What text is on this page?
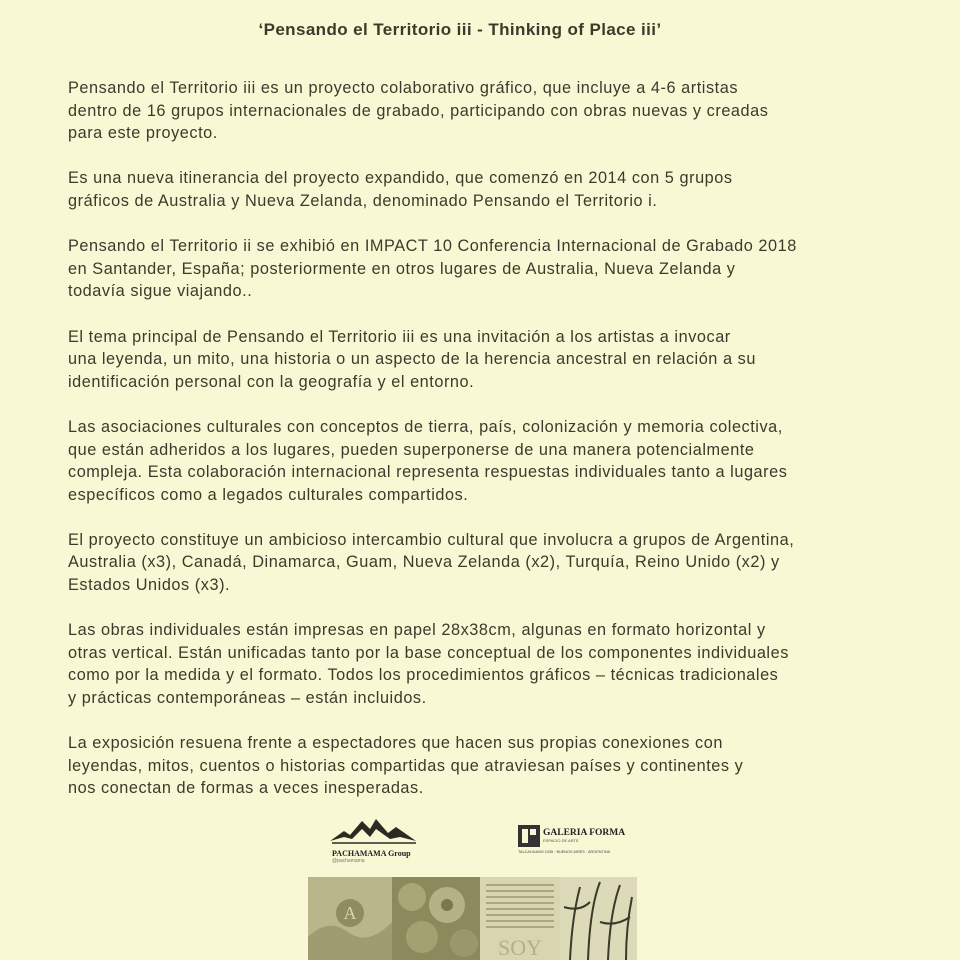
‘Pensando el Territorio iii - Thinking of Place iii’

Pensando el Territorio iii es un proyecto colaborativo gráfico, que incluye a 4-6 artistas
dentro de 16 grupos internacionales de grabado, participando con obras nuevas y creadas
para este proyecto.

Es una nueva itinerancia del proyecto expandido, que comenzó en 2014 con 5 grupos
gráficos de Australia y Nueva Zelanda, denominado Pensando el Territorio i.

Pensando el Territorio ii se exhibió en IMPACT 10 Conferencia Internacional de Grabado 2018
en Santander, España; posteriormente en otros lugares de Australia, Nueva Zelanda y
todavía sigue viajando..

El tema principal de Pensando el Territorio iii es una invitación a los artistas a invocar
una leyenda, un mito, una historia o un aspecto de la herencia ancestral en relación a su
identificación personal con la geografía y el entorno.

Las asociaciones culturales con conceptos de tierra, país, colonización y memoria colectiva,
que están adheridos a los lugares, pueden superponerse de una manera potencialmente
compleja. Esta colaboración internacional representa respuestas individuales tanto a lugares
específicos como a legados culturales compartidos.

El proyecto constituye un ambicioso intercambio cultural que involucra a grupos de Argentina,
Australia (x3), Canadá, Dinamarca, Guam, Nueva Zelanda (x2), Turquía, Reino Unido (x2) y
Estados Unidos (x3).

Las obras individuales están impresas en papel 28x38cm, algunas en formato horizontal y
otras vertical. Están unificadas tanto por la base conceptual de los componentes individuales
como por la medida y el formato. Todos los procedimientos gráficos – técnicas tradicionales
y prácticas contemporáneas – están incluidos.

La exposición resuena frente a espectadores que hacen sus propias conexiones con
leyendas, mitos, cuentos o historias compartidas que atraviesan países y continentes y
nos conectan de formas a veces inesperadas.

PACHAMAMA Group
@pachamama
GALERIA FORMA
ESPACIO DE ARTE
TALCAHUANO 1035 · BUENOS AIRES · ARGENTINA
A
SOY
